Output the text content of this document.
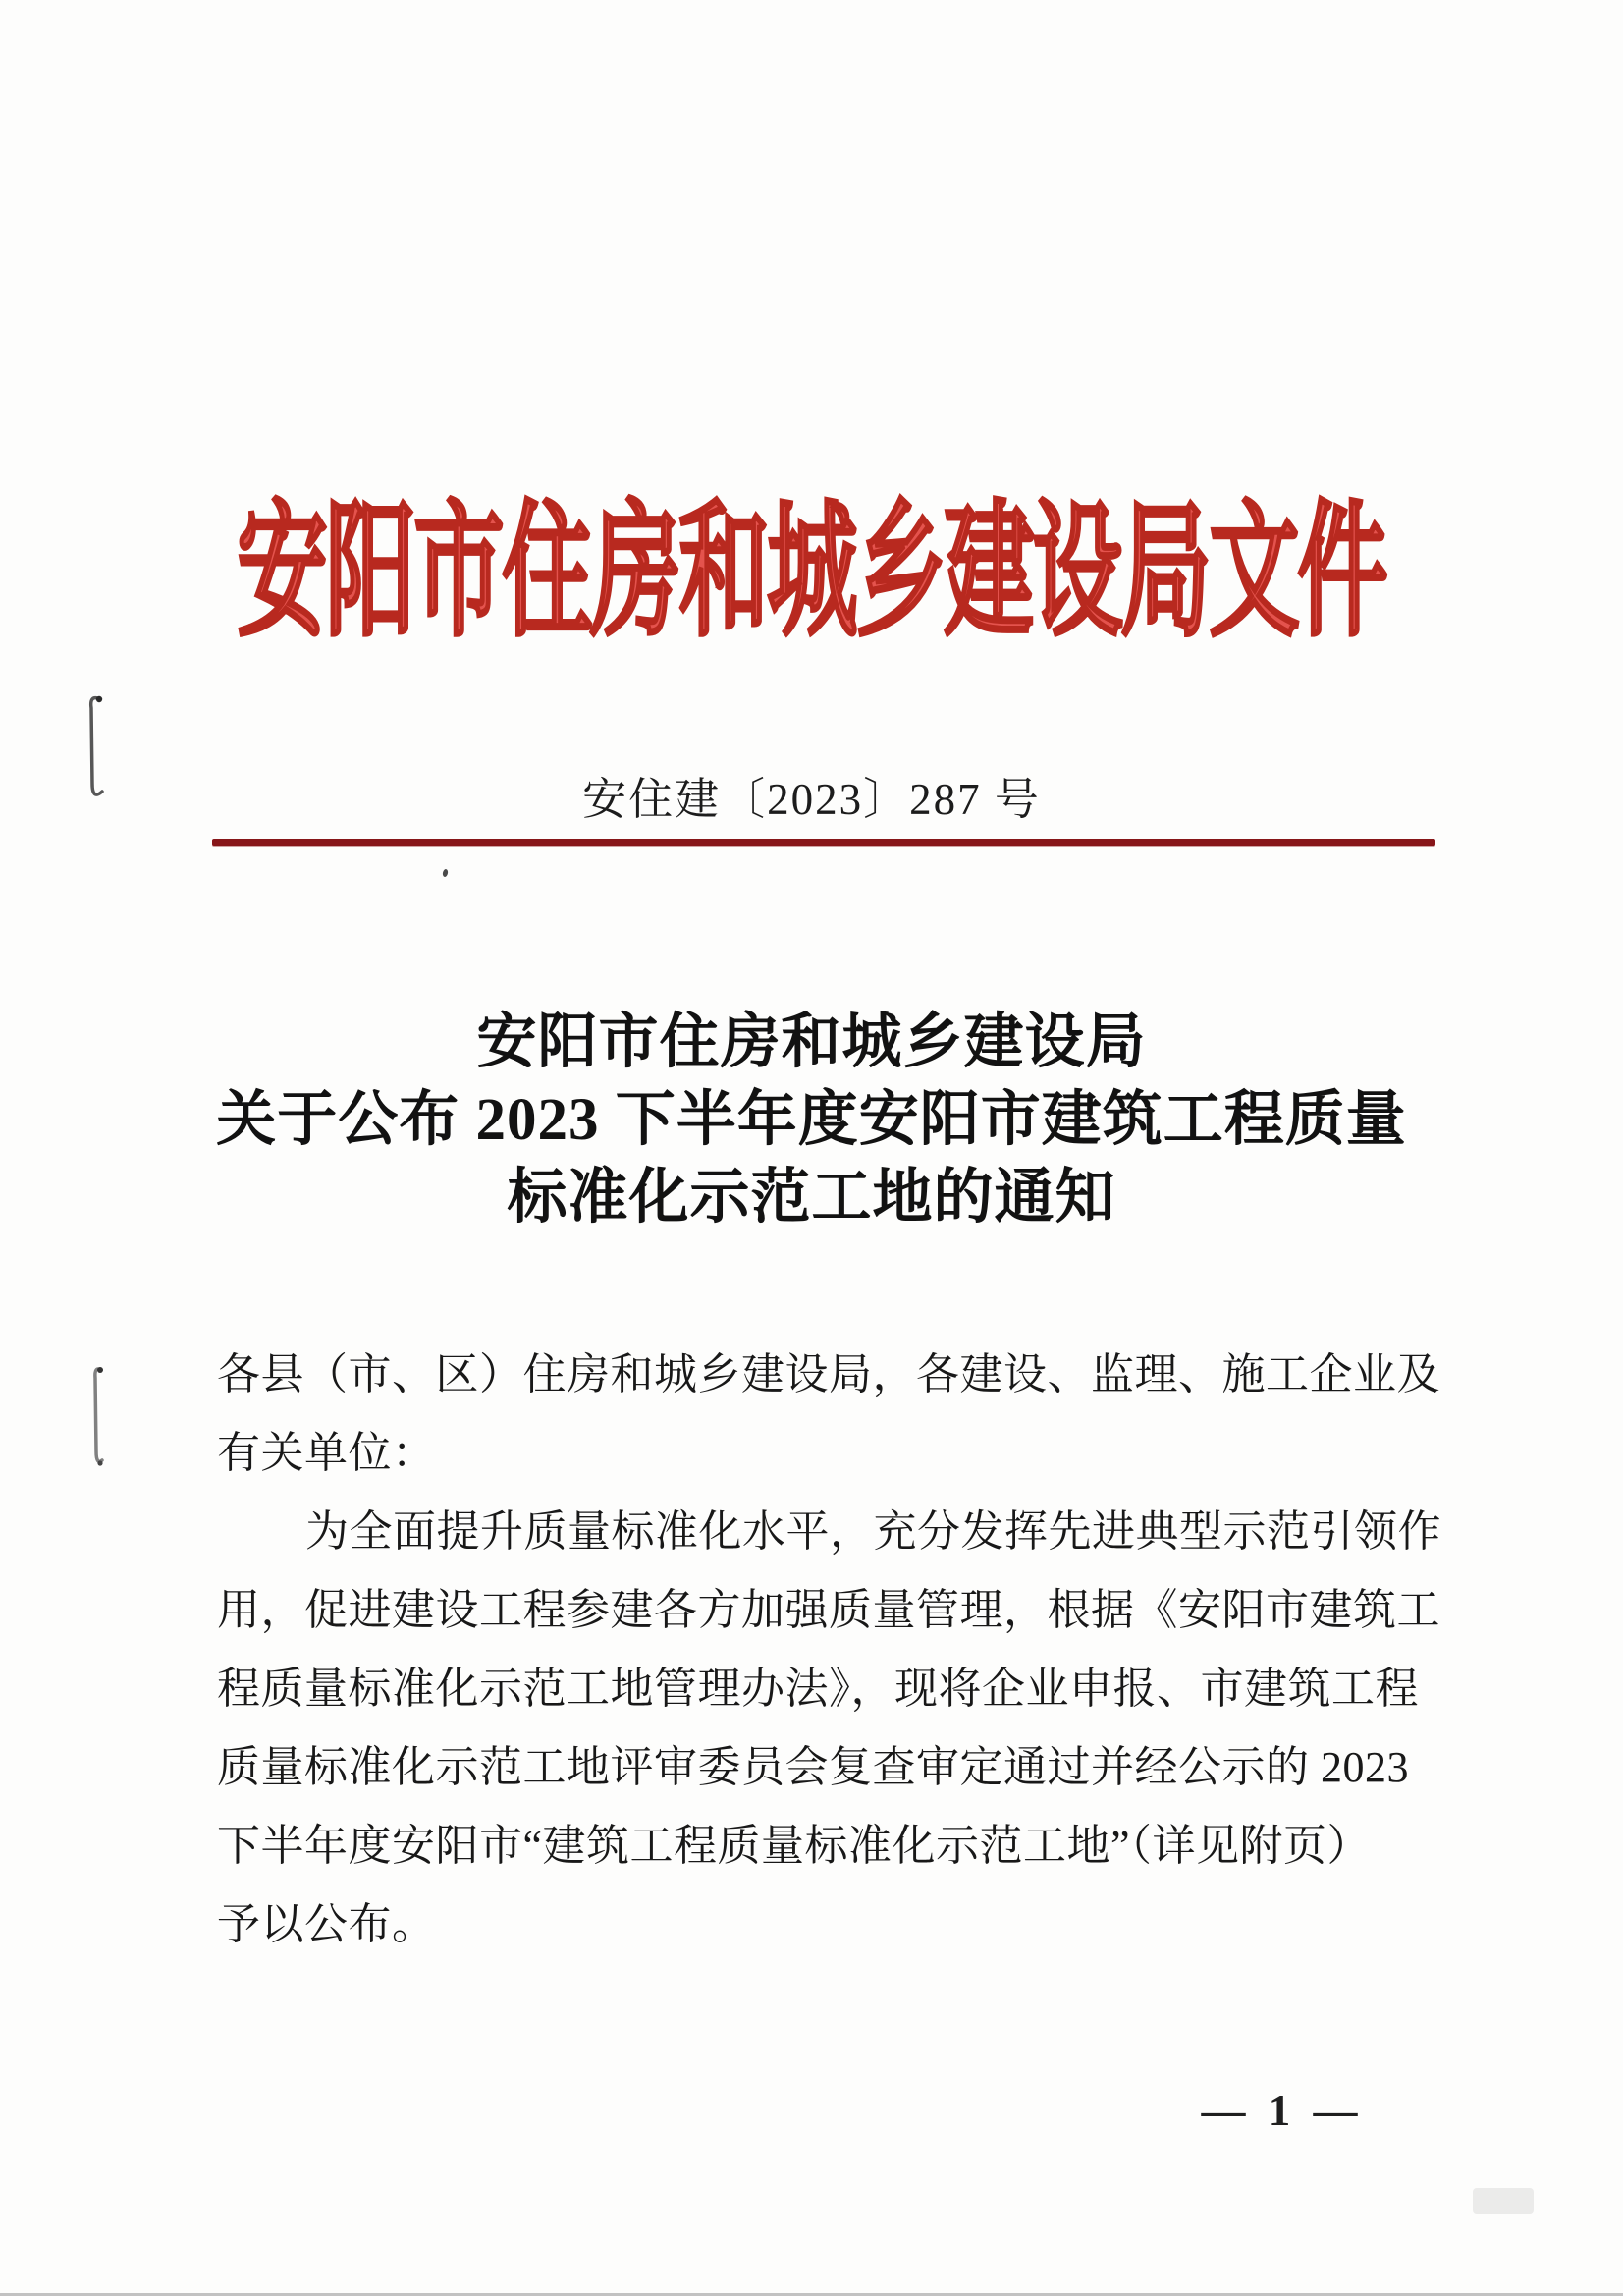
安阳市住房和城乡建设局文件
安住建〔2023〕287 号
安阳市住房和城乡建设局
关于公布 2023 下半年度安阳市建筑工程质量
标准化示范工地的通知
各县（市、区）住房和城乡建设局，各建设、监理、施工企业及
有关单位：
为全面提升质量标准化水平，充分发挥先进典型示范引领作
用，促进建设工程参建各方加强质量管理，根据《安阳市建筑工
程质量标准化示范工地管理办法》，现将企业申报、市建筑工程
质量标准化示范工地评审委员会复查审定通过并经公示的 2023
下半年度安阳市“建筑工程质量标准化示范工地”（详见附页）
予以公布。
— 1 —
